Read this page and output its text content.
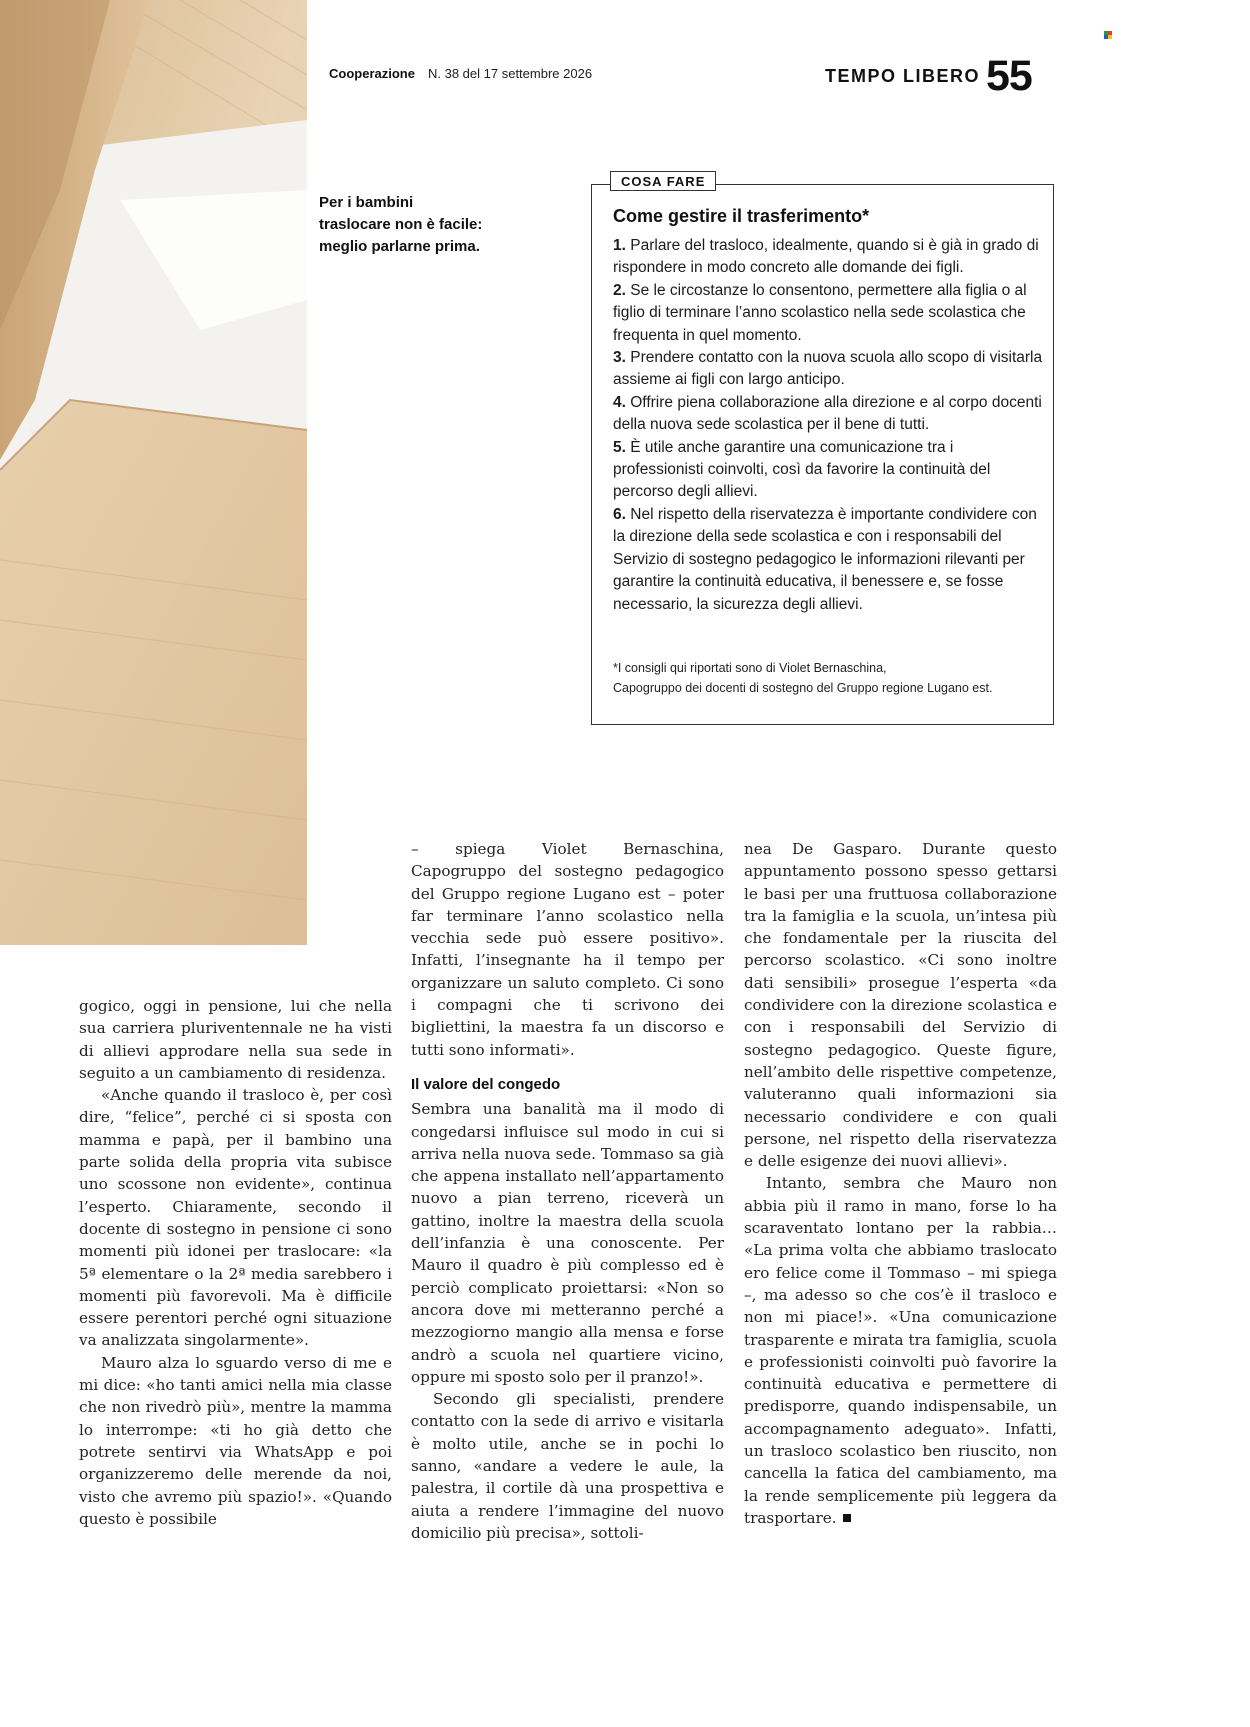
Cooperazione N. 38 del 17 settembre 2026	TEMPO LIBERO 55
Per i bambini
traslocare non è facile:
meglio parlarne prima.
COSA FARE
Come gestire il trasferimento*
1. Parlare del trasloco, idealmente, quando si è già in grado di rispondere in modo concreto alle domande dei figli.
2. Se le circostanze lo consentono, permettere alla figlia o al figlio di terminare l’anno scolastico nella sede scolastica che frequenta in quel momento.
3. Prendere contatto con la nuova scuola allo scopo di visitarla assieme ai figli con largo anticipo.
4. Offrire piena collaborazione alla direzione e al corpo docenti della nuova sede scolastica per il bene di tutti.
5. È utile anche garantire una comunicazione tra i professionisti coinvolti, così da favorire la continuità del percorso degli allievi.
6. Nel rispetto della riservatezza è importante condividere con la direzione della sede scolastica e con i responsabili del Servizio di sostegno pedagogico le informazioni rilevanti per garantire la continuità educativa, il benessere e, se fosse necessario, la sicurezza degli allievi.
*I consigli qui riportati sono di Violet Bernaschina,
Capogruppo dei docenti di sostegno del Gruppo regione Lugano est.

gogico, oggi in pensione, lui che nella sua carriera pluriventennale ne ha visti di allievi approdare nella sua sede in seguito a un cambiamento di residenza.

«Anche quando il trasloco è, per così dire, “felice”, perché ci si sposta con mamma e papà, per il bambino una parte solida della propria vita subisce uno scossone non evidente», continua l’esperto. Chiaramente, secondo il docente di sostegno in pensione ci sono momenti più idonei per traslocare: «la 5ª elementare o la 2ª media sarebbero i momenti più favorevoli. Ma è difficile essere perentori perché ogni situazione va analizzata singolarmente».

Mauro alza lo sguardo verso di me e mi dice: «ho tanti amici nella mia classe che non rivedrò più», mentre la mamma lo interrompe: «ti ho già detto che potrete sentirvi via WhatsApp e poi organizzeremo delle merende da noi, visto che avremo più spazio!». «Quando questo è possibile

– spiega Violet Bernaschina, Capogruppo del sostegno pedagogico del Gruppo regione Lugano est – poter far terminare l’anno scolastico nella vecchia sede può essere positivo». Infatti, l’insegnante ha il tempo per organizzare un saluto completo. Ci sono i compagni che ti scrivono dei bigliettini, la maestra fa un discorso e tutti sono informati».

Il valore del congedo

Sembra una banalità ma il modo di congedarsi influisce sul modo in cui si arriva nella nuova sede. Tommaso sa già che appena installato nell’appartamento nuovo a pian terreno, riceverà un gattino, inoltre la maestra della scuola dell’infanzia è una conoscente. Per Mauro il quadro è più complesso ed è perciò complicato proiettarsi: «Non so ancora dove mi metteranno perché a mezzogiorno mangio alla mensa e forse andrò a scuola nel quartiere vicino, oppure mi sposto solo per il pranzo!».

Secondo gli specialisti, prendere contatto con la sede di arrivo e visitarla è molto utile, anche se in pochi lo sanno, «andare a vedere le aule, la palestra, il cortile dà una prospettiva e aiuta a rendere l’immagine del nuovo domicilio più precisa», sottoli-

nea De Gasparo. Durante questo appuntamento possono spesso gettarsi le basi per una fruttuosa collaborazione tra la famiglia e la scuola, un’intesa più che fondamentale per la riuscita del percorso scolastico. «Ci sono inoltre dati sensibili» prosegue l’esperta «da condividere con la direzione scolastica e con i responsabili del Servizio di sostegno pedagogico. Queste figure, nell’ambito delle rispettive competenze, valuteranno quali informazioni sia necessario condividere e con quali persone, nel rispetto della riservatezza e delle esigenze dei nuovi allievi».

Intanto, sembra che Mauro non abbia più il ramo in mano, forse lo ha scaraventato lontano per la rabbia… «La prima volta che abbiamo traslocato ero felice come il Tommaso – mi spiega –, ma adesso so che cos’è il trasloco e non mi piace!». «Una comunicazione trasparente e mirata tra famiglia, scuola e professionisti coinvolti può favorire la continuità educativa e permettere di predisporre, quando indispensabile, un accompagnamento adeguato». Infatti, un trasloco scolastico ben riuscito, non cancella la fatica del cambiamento, ma la rende semplicemente più leggera da trasportare.
